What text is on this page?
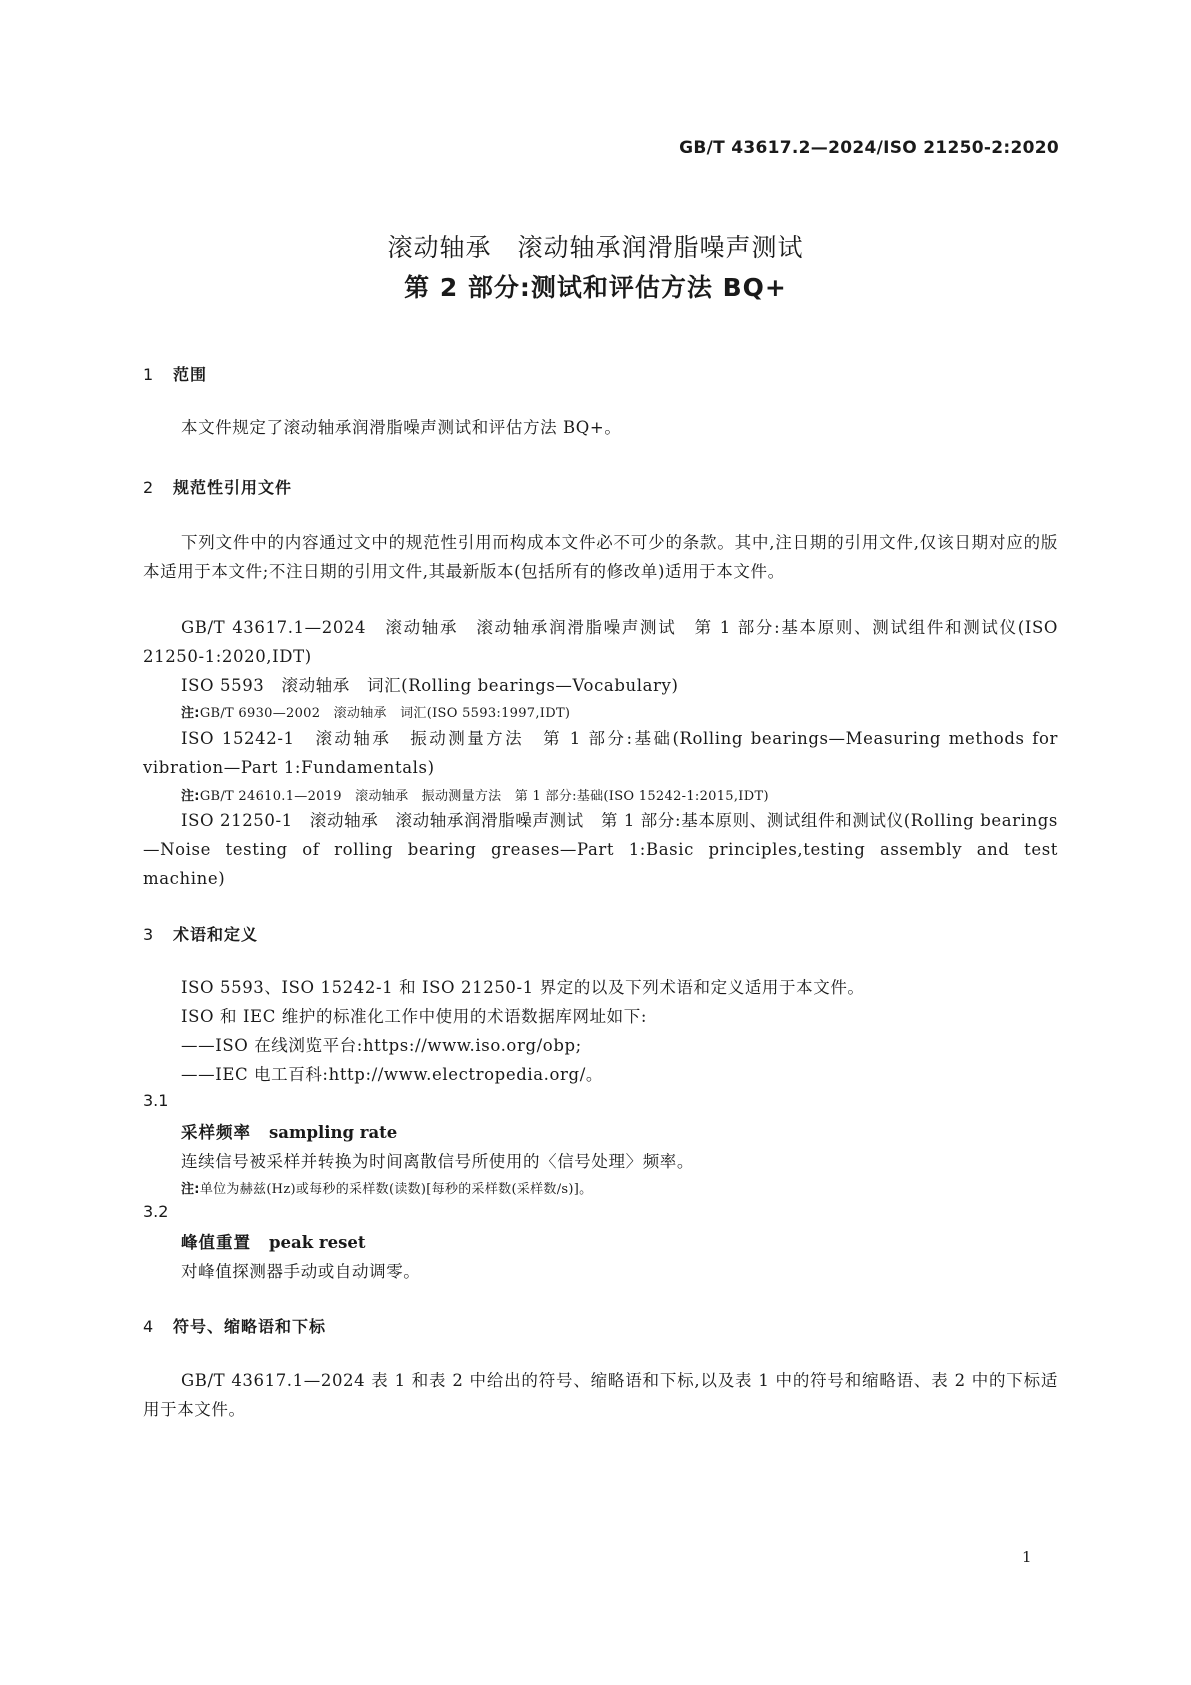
GB/T 43617.2—2024/ISO 21250-2:2020
滚动轴承　滚动轴承润滑脂噪声测试
第 2 部分:测试和评估方法 BQ+
1 范围
本文件规定了滚动轴承润滑脂噪声测试和评估方法 BQ+。
2 规范性引用文件
下列文件中的内容通过文中的规范性引用而构成本文件必不可少的条款。其中,注日期的引用文件,仅该日期对应的版本适用于本文件;不注日期的引用文件,其最新版本(包括所有的修改单)适用于本文件。
GB/T 43617.1—2024　滚动轴承　滚动轴承润滑脂噪声测试　第 1 部分:基本原则、测试组件和测试仪(ISO 21250-1:2020,IDT)
ISO 5593　滚动轴承　词汇(Rolling bearings—Vocabulary)
注:GB/T 6930—2002　滚动轴承　词汇(ISO 5593:1997,IDT)
ISO 15242-1　滚动轴承　振动测量方法　第 1 部分:基础(Rolling bearings—Measuring methods for vibration—Part 1:Fundamentals)
注:GB/T 24610.1—2019　滚动轴承　振动测量方法　第 1 部分:基础(ISO 15242-1:2015,IDT)
ISO 21250-1　滚动轴承　滚动轴承润滑脂噪声测试　第 1 部分:基本原则、测试组件和测试仪(Rolling bearings—Noise testing of rolling bearing greases—Part 1:Basic principles,testing assembly and test machine)
3 术语和定义
ISO 5593、ISO 15242-1 和 ISO 21250-1 界定的以及下列术语和定义适用于本文件。
ISO 和 IEC 维护的标准化工作中使用的术语数据库网址如下:
——ISO 在线浏览平台:https://www.iso.org/obp;
——IEC 电工百科:http://www.electropedia.org/。
3.1
采样频率 sampling rate
连续信号被采样并转换为时间离散信号所使用的〈信号处理〉频率。
注:单位为赫兹(Hz)或每秒的采样数(读数)[每秒的采样数(采样数/s)]。
3.2
峰值重置 peak reset
对峰值探测器手动或自动调零。
4 符号、缩略语和下标
GB/T 43617.1—2024 表 1 和表 2 中给出的符号、缩略语和下标,以及表 1 中的符号和缩略语、表 2 中的下标适用于本文件。
1
